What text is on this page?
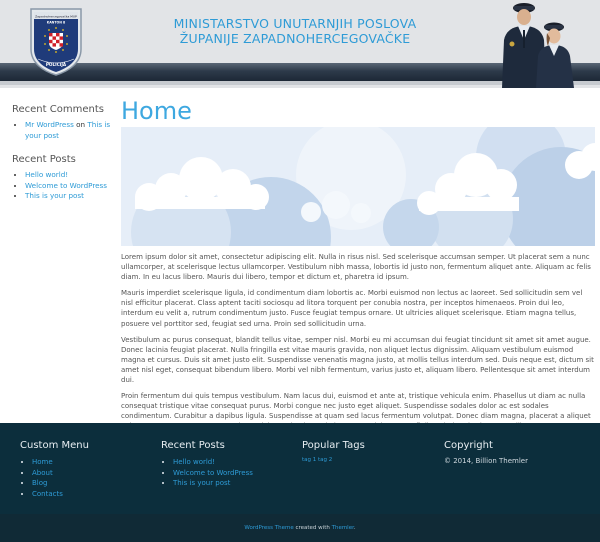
Zapadnohercegovačka MUP
KANTON 8
POLICIJA
MINISTARSTVO UNUTARNJIH POSLOVA
ŽUPANIJE ZAPADNOHERCEGOVAČKE
Recent Comments
• Mr WordPress on This is your post
Recent Posts
• Hello world!
• Welcome to WordPress
• This is your post
Home

Lorem ipsum dolor sit amet, consectetur adipiscing elit. Nulla in risus nisl. Sed scelerisque accumsan semper. Ut placerat sem a nunc ullamcorper, at scelerisque lectus ullamcorper. Vestibulum nibh massa, lobortis id justo non, fermentum aliquet ante. Aliquam ac felis diam. In eu lacus libero. Mauris dui libero, tempor et dictum et, pharetra id ipsum.

Mauris imperdiet scelerisque ligula, id condimentum diam lobortis ac. Morbi euismod non lectus ac laoreet. Sed sollicitudin sem vel nisl efficitur placerat. Class aptent taciti sociosqu ad litora torquent per conubia nostra, per inceptos himenaeos. Proin dui leo, interdum eu velit a, rutrum condimentum justo. Fusce feugiat tempus ornare. Ut ultricies aliquet scelerisque. Etiam magna tellus, posuere vel porttitor sed, feugiat sed urna. Proin sed sollicitudin urna.

Vestibulum ac purus consequat, blandit tellus vitae, semper nisl. Morbi eu mi accumsan dui feugiat tincidunt sit amet sit amet augue. Donec lacinia feugiat placerat. Nulla fringilla est vitae mauris gravida, non aliquet lectus dignissim. Aliquam vestibulum euismod magna et cursus. Duis sit amet justo elit. Suspendisse venenatis magna justo, at mollis tellus interdum sed. Duis neque est, dictum sit amet nisl eget, consequat bibendum libero. Morbi vel nibh fermentum, varius justo et, aliquam libero. Pellentesque sit amet interdum dui.

Proin fermentum dui quis tempus vestibulum. Nam lacus dui, euismod et ante at, tristique vehicula enim. Phasellus ut diam ac nulla consequat tristique vitae consequat purus. Morbi congue nec justo eget aliquet. Suspendisse sodales dolor ac est sodales condimentum. Curabitur a dapibus ligula. Suspendisse at quam sed lacus fermentum volutpat. Donec diam magna, placerat a aliquet

Custom Menu
• Home
• About
• Blog
• Contacts
Recent Posts
• Hello world!
• Welcome to WordPress
• This is your post
Popular Tags
tag 1 tag 2
Copyright
© 2014, Billion Themler
WordPress Theme created with Themler.
